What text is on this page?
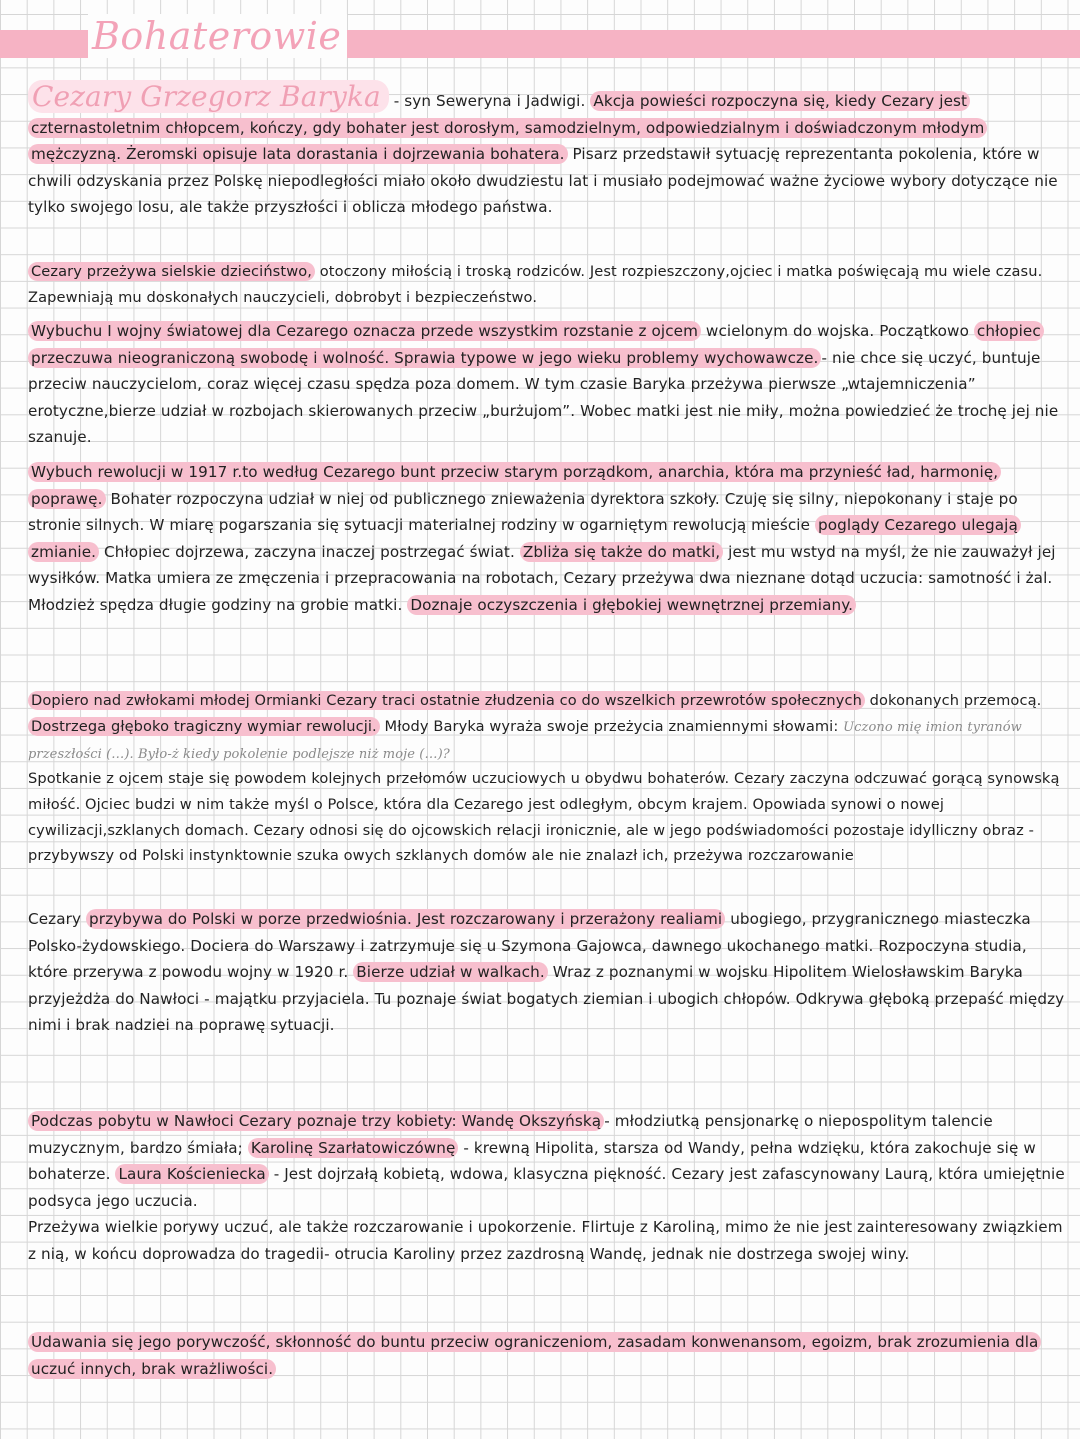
Bohaterowie

Cezary Grzegorz Baryka - syn Seweryna i Jadwigi. Akcja powieści rozpoczyna się, kiedy Cezary jest czternastoletnim chłopcem, kończy, gdy bohater jest dorosłym, samodzielnym, odpowiedzialnym i doświadczonym młodym mężczyzną. Żeromski opisuje lata dorastania i dojrzewania bohatera. Pisarz przedstawił sytuację reprezentanta pokolenia, które w chwili odzyskania przez Polskę niepodległości miało około dwudziestu lat i musiało podejmować ważne życiowe wybory dotyczące nie tylko swojego losu, ale także przyszłości i oblicza młodego państwa.

Cezary przeżywa sielskie dzieciństwo, otoczony miłością i troską rodziców. Jest rozpieszczony,ojciec i matka poświęcają mu wiele czasu. Zapewniają mu doskonałych nauczycieli, dobrobyt i bezpieczeństwo.

Wybuchu I wojny światowej dla Cezarego oznacza przede wszystkim rozstanie z ojcem wcielonym do wojska. Początkowo chłopiec przeczuwa nieograniczoną swobodę i wolność. Sprawia typowe w jego wieku problemy wychowawcze. - nie chce się uczyć, buntuje przeciw nauczycielom, coraz więcej czasu spędza poza domem. W tym czasie Baryka przeżywa pierwsze „wtajemniczenia” erotyczne,bierze udział w rozbojach skierowanych przeciw „burżujom”. Wobec matki jest nie miły, można powiedzieć że trochę jej nie szanuje.

Wybuch rewolucji w 1917 r.to według Cezarego bunt przeciw starym porządkom, anarchia, która ma przynieść ład, harmonię, poprawę. Bohater rozpoczyna udział w niej od publicznego znieważenia dyrektora szkoły. Czuję się silny, niepokonany i staje po stronie silnych. W miarę pogarszania się sytuacji materialnej rodziny w ogarniętym rewolucją mieście poglądy Cezarego ulegają zmianie. Chłopiec dojrzewa, zaczyna inaczej postrzegać świat. Zbliża się także do matki, jest mu wstyd na myśl, że nie zauważył jej wysiłków. Matka umiera ze zmęczenia i przepracowania na robotach, Cezary przeżywa dwa nieznane dotąd uczucia: samotność i żal. Młodzież spędza długie godziny na grobie matki. Doznaje oczyszczenia i głębokiej wewnętrznej przemiany.

Dopiero nad zwłokami młodej Ormianki Cezary traci ostatnie złudzenia co do wszelkich przewrotów społecznych dokonanych przemocą. Dostrzega głęboko tragiczny wymiar rewolucji. Młody Baryka wyraża swoje przeżycia znamiennymi słowami: Uczono mię imion tyranów przeszłości (…). Było-ż kiedy pokolenie podlejsze niż moje (…)?

Spotkanie z ojcem staje się powodem kolejnych przełomów uczuciowych u obydwu bohaterów. Cezary zaczyna odczuwać gorącą synowską miłość. Ojciec budzi w nim także myśl o Polsce, która dla Cezarego jest odległym, obcym krajem. Opowiada synowi o nowej cywilizacji,szklanych domach. Cezary odnosi się do ojcowskich relacji ironicznie, ale w jego podświadomości pozostaje idylliczny obraz - przybywszy od Polski instynktownie szuka owych szklanych domów ale nie znalazł ich, przeżywa rozczarowanie

Cezary przybywa do Polski w porze przedwiośnia. Jest rozczarowany i przerażony realiami ubogiego, przygranicznego miasteczka Polsko-żydowskiego. Dociera do Warszawy i zatrzymuje się u Szymona Gajowca, dawnego ukochanego matki. Rozpoczyna studia, które przerywa z powodu wojny w 1920 r. Bierze udział w walkach. Wraz z poznanymi w wojsku Hipolitem Wielosławskim Baryka przyjeżdża do Nawłoci - majątku przyjaciela. Tu poznaje świat bogatych ziemian i ubogich chłopów. Odkrywa głęboką przepaść między nimi i brak nadziei na poprawę sytuacji.

Podczas pobytu w Nawłoci Cezary poznaje trzy kobiety: Wandę Okszyńską - młodziutką pensjonarkę o niepospolitym talencie muzycznym, bardzo śmiała; Karolinę Szarłatowiczównę - krewną Hipolita, starsza od Wandy, pełna wdzięku, która zakochuje się w bohaterze. Laura Kościeniecka - Jest dojrzałą kobietą, wdowa, klasyczna piękność. Cezary jest zafascynowany Laurą, która umiejętnie podsyca jego uczucia.
Przeżywa wielkie porywy uczuć, ale także rozczarowanie i upokorzenie. Flirtuje z Karoliną, mimo że nie jest zainteresowany związkiem z nią, w końcu doprowadza do tragedii- otrucia Karoliny przez zazdrosną Wandę, jednak nie dostrzega swojej winy.

Udawania się jego porywczość, skłonność do buntu przeciw ograniczeniom, zasadam konwenansom, egoizm, brak zrozumienia dla uczuć innych, brak wrażliwości.
